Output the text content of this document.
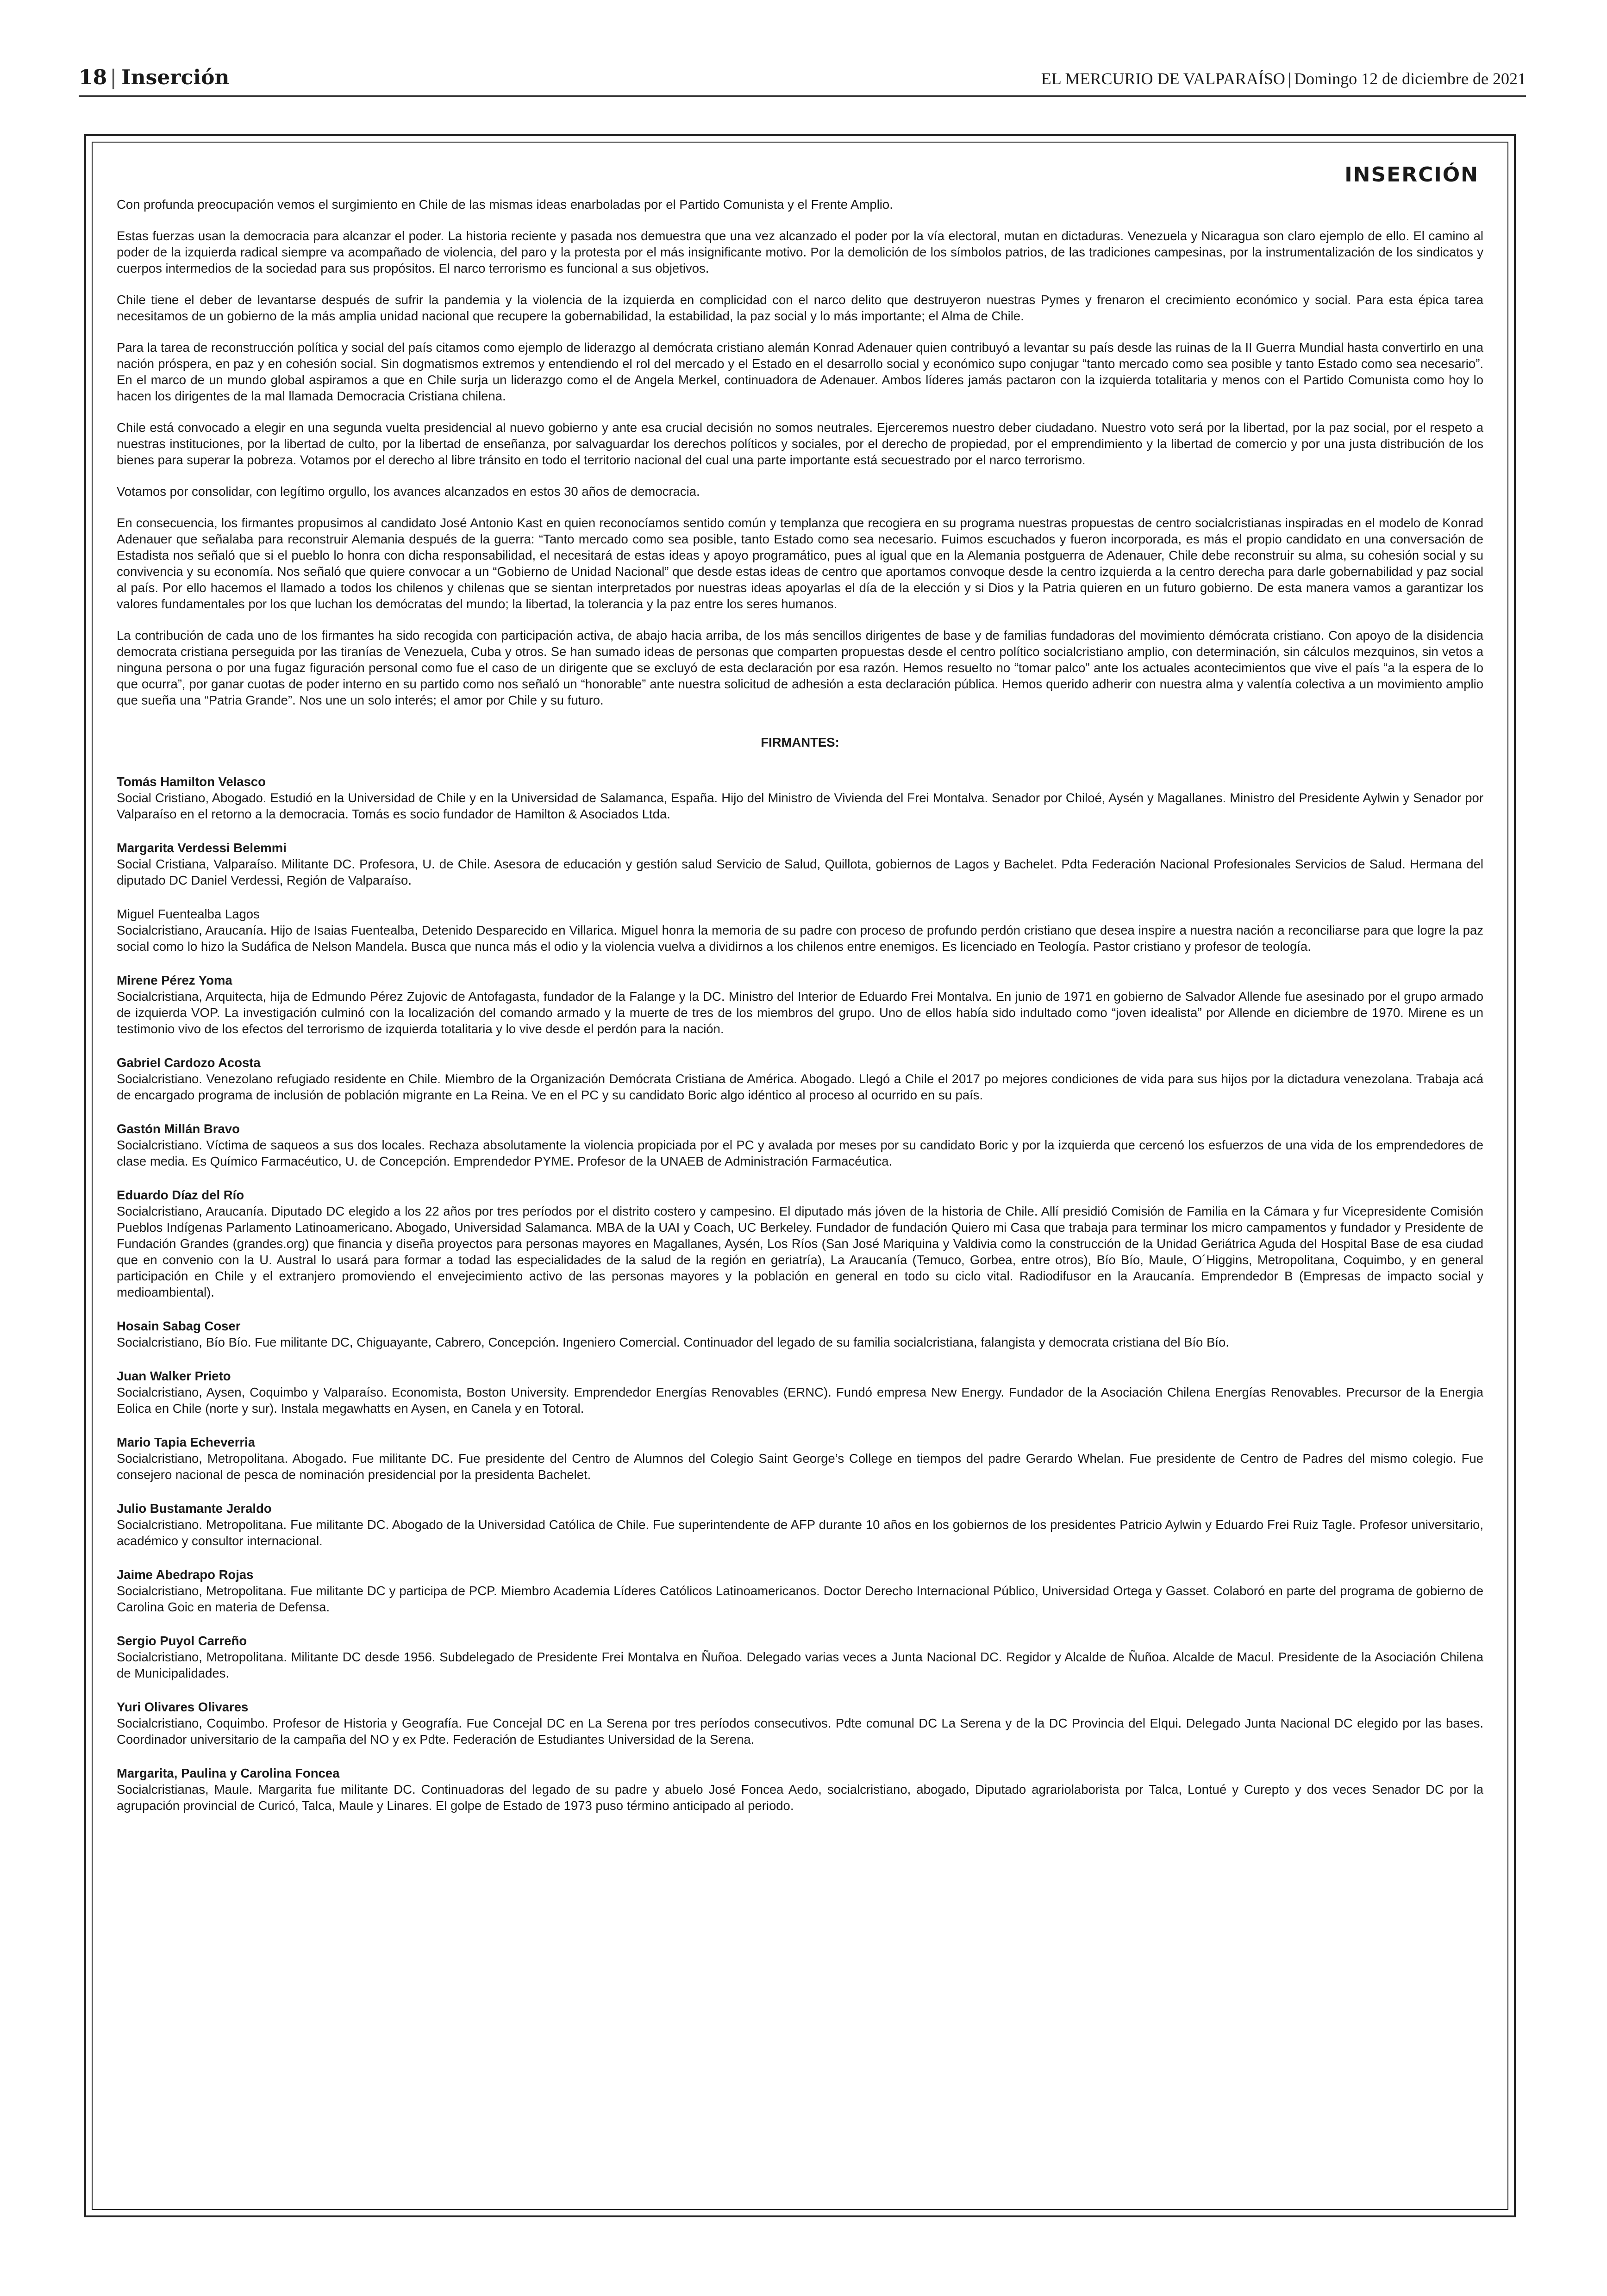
18 | Inserción	EL MERCURIO DE VALPARAÍSO | Domingo 12 de diciembre de 2021
INSERCIÓN

Con profunda preocupación vemos el surgimiento en Chile de las mismas ideas enarboladas por el Partido Comunista y el Frente Amplio.

Estas fuerzas usan la democracia para alcanzar el poder. La historia reciente y pasada nos demuestra que una vez alcanzado el poder por la vía electoral, mutan en dictaduras. Venezuela y Nicaragua son claro ejemplo de ello. El camino al poder de la izquierda radical siempre va acompañado de violencia, del paro y la protesta por el más insignificante motivo. Por la demolición de los símbolos patrios, de las tradiciones campesinas, por la instrumentalización de los sindicatos y cuerpos intermedios de la sociedad para sus propósitos. El narco terrorismo es funcional a sus objetivos.

Chile tiene el deber de levantarse después de sufrir la pandemia y la violencia de la izquierda en complicidad con el narco delito que destruyeron nuestras Pymes y frenaron el crecimiento económico y social. Para esta épica tarea necesitamos de un gobierno de la más amplia unidad nacional que recupere la gobernabilidad, la estabilidad, la paz social y lo más importante; el Alma de Chile.

Para la tarea de reconstrucción política y social del país citamos como ejemplo de liderazgo al demócrata cristiano alemán Konrad Adenauer quien contribuyó a levantar su país desde las ruinas de la II Guerra Mundial hasta convertirlo en una nación próspera, en paz y en cohesión social. Sin dogmatismos extremos y entendiendo el rol del mercado y el Estado en el desarrollo social y económico supo conjugar “tanto mercado como sea posible y tanto Estado como sea necesario”. En el marco de un mundo global aspiramos a que en Chile surja un liderazgo como el de Angela Merkel, continuadora de Adenauer. Ambos líderes jamás pactaron con la izquierda totalitaria y menos con el Partido Comunista como hoy lo hacen los dirigentes de la mal llamada Democracia Cristiana chilena.

Chile está convocado a elegir en una segunda vuelta presidencial al nuevo gobierno y ante esa crucial decisión no somos neutrales. Ejerceremos nuestro deber ciudadano. Nuestro voto será por la libertad, por la paz social, por el respeto a nuestras instituciones, por la libertad de culto, por la libertad de enseñanza, por salvaguardar los derechos políticos y sociales, por el derecho de propiedad, por el emprendimiento y la libertad de comercio y por una justa distribución de los bienes para superar la pobreza. Votamos por el derecho al libre tránsito en todo el territorio nacional del cual una parte importante está secuestrado por el narco terrorismo.

Votamos por consolidar, con legítimo orgullo, los avances alcanzados en estos 30 años de democracia.

En consecuencia, los firmantes propusimos al candidato José Antonio Kast en quien reconocíamos sentido común y templanza que recogiera en su programa nuestras propuestas de centro socialcristianas inspiradas en el modelo de Konrad Adenauer que señalaba para reconstruir Alemania después de la guerra: “Tanto mercado como sea posible, tanto Estado como sea necesario. Fuimos escuchados y fueron incorporada, es más el propio candidato en una conversación de Estadista nos señaló que si el pueblo lo honra con dicha responsabilidad, el necesitará de estas ideas y apoyo programático, pues al igual que en la Alemania postguerra de Adenauer, Chile debe reconstruir su alma, su cohesión social y su convivencia y su economía. Nos señaló que quiere convocar a un “Gobierno de Unidad Nacional” que desde estas ideas de centro que aportamos convoque desde la centro izquierda a la centro derecha para darle gobernabilidad y paz social al país. Por ello hacemos el llamado a todos los chilenos y chilenas que se sientan interpretados por nuestras ideas apoyarlas el día de la elección y si Dios y la Patria quieren en un futuro gobierno. De esta manera vamos a garantizar los valores fundamentales por los que luchan los demócratas del mundo; la libertad, la tolerancia y la paz entre los seres humanos.

La contribución de cada uno de los firmantes ha sido recogida con participación activa, de abajo hacia arriba, de los más sencillos dirigentes de base y de familias fundadoras del movimiento démócrata cristiano. Con apoyo de la disidencia democrata cristiana perseguida por las tiranías de Venezuela, Cuba y otros. Se han sumado ideas de personas que comparten propuestas desde el centro político socialcristiano amplio, con determinación, sin cálculos mezquinos, sin vetos a ninguna persona o por una fugaz figuración personal como fue el caso de un dirigente que se excluyó de esta declaración por esa razón. Hemos resuelto no “tomar palco” ante los actuales acontecimientos que vive el país “a la espera de lo que ocurra”, por ganar cuotas de poder interno en su partido como nos señaló un “honorable” ante nuestra solicitud de adhesión a esta declaración pública. Hemos querido adherir con nuestra alma y valentía colectiva a un movimiento amplio que sueña una “Patria Grande”. Nos une un solo interés; el amor por Chile y su futuro.

FIRMANTES:
Tomás Hamilton Velasco
Social Cristiano, Abogado. Estudió en la Universidad de Chile y en la Universidad de Salamanca, España. Hijo del Ministro de Vivienda del Frei Montalva. Senador por Chiloé, Aysén y Magallanes. Ministro del Presidente Aylwin y Senador por Valparaíso en el retorno a la democracia. Tomás es socio fundador de Hamilton & Asociados Ltda.
Margarita Verdessi Belemmi
Social Cristiana, Valparaíso. Militante DC. Profesora, U. de Chile. Asesora de educación y gestión salud Servicio de Salud, Quillota, gobiernos de Lagos y Bachelet. Pdta Federación Nacional Profesionales Servicios de Salud. Hermana del diputado DC Daniel Verdessi, Región de Valparaíso.
Miguel Fuentealba Lagos
Socialcristiano, Araucanía. Hijo de Isaias Fuentealba, Detenido Desparecido en Villarica. Miguel honra la memoria de su padre con proceso de profundo perdón cristiano que desea inspire a nuestra nación a reconciliarse para que logre la paz social como lo hizo la Sudáfica de Nelson Mandela. Busca que nunca más el odio y la violencia vuelva a dividirnos a los chilenos entre enemigos. Es licenciado en Teología. Pastor cristiano y profesor de teología.
Mirene Pérez Yoma
Socialcristiana, Arquitecta, hija de Edmundo Pérez Zujovic de Antofagasta, fundador de la Falange y la DC. Ministro del Interior de Eduardo Frei Montalva. En junio de 1971 en gobierno de Salvador Allende fue asesinado por el grupo armado de izquierda VOP. La investigación culminó con la localización del comando armado y la muerte de tres de los miembros del grupo. Uno de ellos había sido indultado como “joven idealista” por Allende en diciembre de 1970. Mirene es un testimonio vivo de los efectos del terrorismo de izquierda totalitaria y lo vive desde el perdón para la nación.
Gabriel Cardozo Acosta
Socialcristiano. Venezolano refugiado residente en Chile. Miembro de la Organización Demócrata Cristiana de América. Abogado. Llegó a Chile el 2017 po mejores condiciones de vida para sus hijos por la dictadura venezolana. Trabaja acá de encargado programa de inclusión de población migrante en La Reina. Ve en el PC y su candidato Boric algo idéntico al proceso al ocurrido en su país.
Gastón Millán Bravo
Socialcristiano. Víctima de saqueos a sus dos locales. Rechaza absolutamente la violencia propiciada por el PC y avalada por meses por su candidato Boric y por la izquierda que cercenó los esfuerzos de una vida de los emprendedores de clase media. Es Químico Farmacéutico, U. de Concepción. Emprendedor PYME. Profesor de la UNAEB de Administración Farmacéutica.
Eduardo Díaz del Río
Socialcristiano, Araucanía. Diputado DC elegido a los 22 años por tres períodos por el distrito costero y campesino. El diputado más jóven de la historia de Chile. Allí presidió Comisión de Familia en la Cámara y fur Vicepresidente Comisión Pueblos Indígenas Parlamento Latinoamericano. Abogado, Universidad Salamanca. MBA de la UAI y Coach, UC Berkeley. Fundador de fundación Quiero mi Casa que trabaja para terminar los micro campamentos y fundador y Presidente de Fundación Grandes (grandes.org) que financia y diseña proyectos para personas mayores en Magallanes, Aysén, Los Ríos (San José Mariquina y Valdivia como la construcción de la Unidad Geriátrica Aguda del Hospital Base de esa ciudad que en convenio con la U. Austral lo usará para formar a todad las especialidades de la salud de la región en geriatría), La Araucanía (Temuco, Gorbea, entre otros), Bío Bío, Maule, O´Higgins, Metropolitana, Coquimbo, y en general participación en Chile y el extranjero promoviendo el envejecimiento activo de las personas mayores y la población en general en todo su ciclo vital. Radiodifusor en la Araucanía. Emprendedor B (Empresas de impacto social y medioambiental).
Hosain Sabag Coser
Socialcristiano, Bío Bío. Fue militante DC, Chiguayante, Cabrero, Concepción. Ingeniero Comercial. Continuador del legado de su familia socialcristiana, falangista y democrata cristiana del Bío Bío.
Juan Walker Prieto
Socialcristiano, Aysen, Coquimbo y Valparaíso. Economista, Boston University. Emprendedor Energías Renovables (ERNC). Fundó empresa New Energy. Fundador de la Asociación Chilena Energías Renovables. Precursor de la Energia Eolica en Chile (norte y sur). Instala megawhatts en Aysen, en Canela y en Totoral.
Mario Tapia Echeverria
Socialcristiano, Metropolitana. Abogado. Fue militante DC. Fue presidente del Centro de Alumnos del Colegio Saint George’s College en tiempos del padre Gerardo Whelan. Fue presidente de Centro de Padres del mismo colegio. Fue consejero nacional de pesca de nominación presidencial por la presidenta Bachelet.
Julio Bustamante Jeraldo
Socialcristiano. Metropolitana. Fue militante DC. Abogado de la Universidad Católica de Chile. Fue superintendente de AFP durante 10 años en los gobiernos de los presidentes Patricio Aylwin y Eduardo Frei Ruiz Tagle. Profesor universitario, académico y consultor internacional.
Jaime Abedrapo Rojas
Socialcristiano, Metropolitana. Fue militante DC y participa de PCP. Miembro Academia Líderes Católicos Latinoamericanos. Doctor Derecho Internacional Público, Universidad Ortega y Gasset. Colaboró en parte del programa de gobierno de Carolina Goic en materia de Defensa.
Sergio Puyol Carreño
Socialcristiano, Metropolitana. Militante DC desde 1956. Subdelegado de Presidente Frei Montalva en Ñuñoa. Delegado varias veces a Junta Nacional DC. Regidor y Alcalde de Ñuñoa. Alcalde de Macul. Presidente de la Asociación Chilena de Municipalidades.
Yuri Olivares Olivares
Socialcristiano, Coquimbo. Profesor de Historia y Geografía. Fue Concejal DC en La Serena por tres períodos consecutivos. Pdte comunal DC La Serena y de la DC Provincia del Elqui. Delegado Junta Nacional DC elegido por las bases. Coordinador universitario de la campaña del NO y ex Pdte. Federación de Estudiantes Universidad de la Serena.
Margarita, Paulina y Carolina Foncea
Socialcristianas, Maule. Margarita fue militante DC. Continuadoras del legado de su padre y abuelo José Foncea Aedo, socialcristiano, abogado, Diputado agrariolaborista por Talca, Lontué y Curepto y dos veces Senador DC por la agrupación provincial de Curicó, Talca, Maule y Linares. El golpe de Estado de 1973 puso término anticipado al periodo.
